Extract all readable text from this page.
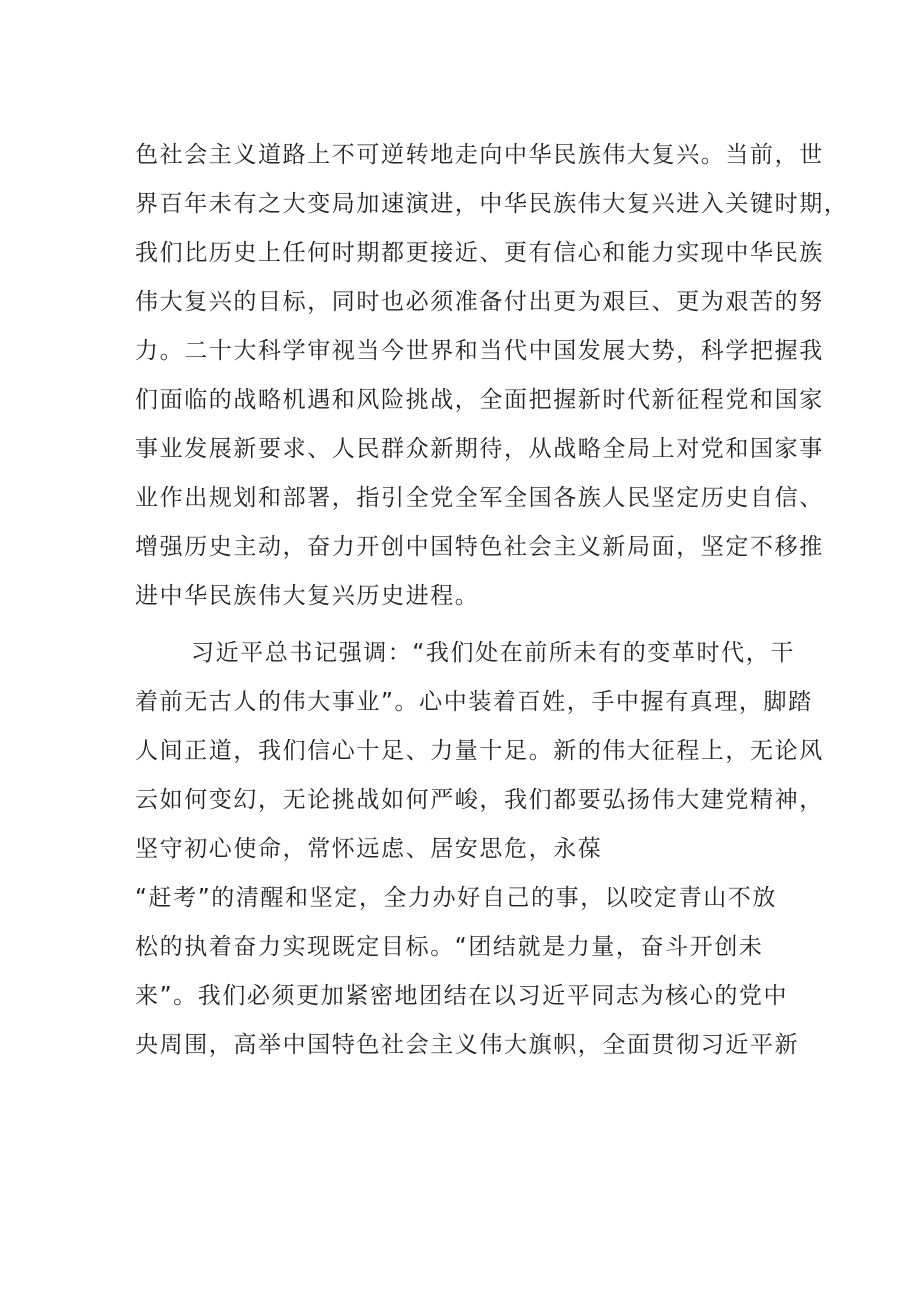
色社会主义道路上不可逆转地走向中华民族伟大复兴。当前，世
界百年未有之大变局加速演进，中华民族伟大复兴进入关键时期，
我们比历史上任何时期都更接近、更有信心和能力实现中华民族
伟大复兴的目标，同时也必须准备付出更为艰巨、更为艰苦的努
力。二十大科学审视当今世界和当代中国发展大势，科学把握我
们面临的战略机遇和风险挑战，全面把握新时代新征程党和国家
事业发展新要求、人民群众新期待，从战略全局上对党和国家事
业作出规划和部署，指引全党全军全国各族人民坚定历史自信、
增强历史主动，奋力开创中国特色社会主义新局面，坚定不移推
进中华民族伟大复兴历史进程。
习近平总书记强调：“我们处在前所未有的变革时代，干
着前无古人的伟大事业”。心中装着百姓，手中握有真理，脚踏
人间正道，我们信心十足、力量十足。新的伟大征程上，无论风
云如何变幻，无论挑战如何严峻，我们都要弘扬伟大建党精神，
坚守初心使命，常怀远虑、居安思危，永葆
“赶考”的清醒和坚定，全力办好自己的事，以咬定青山不放
松的执着奋力实现既定目标。“团结就是力量，奋斗开创未
来”。我们必须更加紧密地团结在以习近平同志为核心的党中
央周围，高举中国特色社会主义伟大旗帜，全面贯彻习近平新
